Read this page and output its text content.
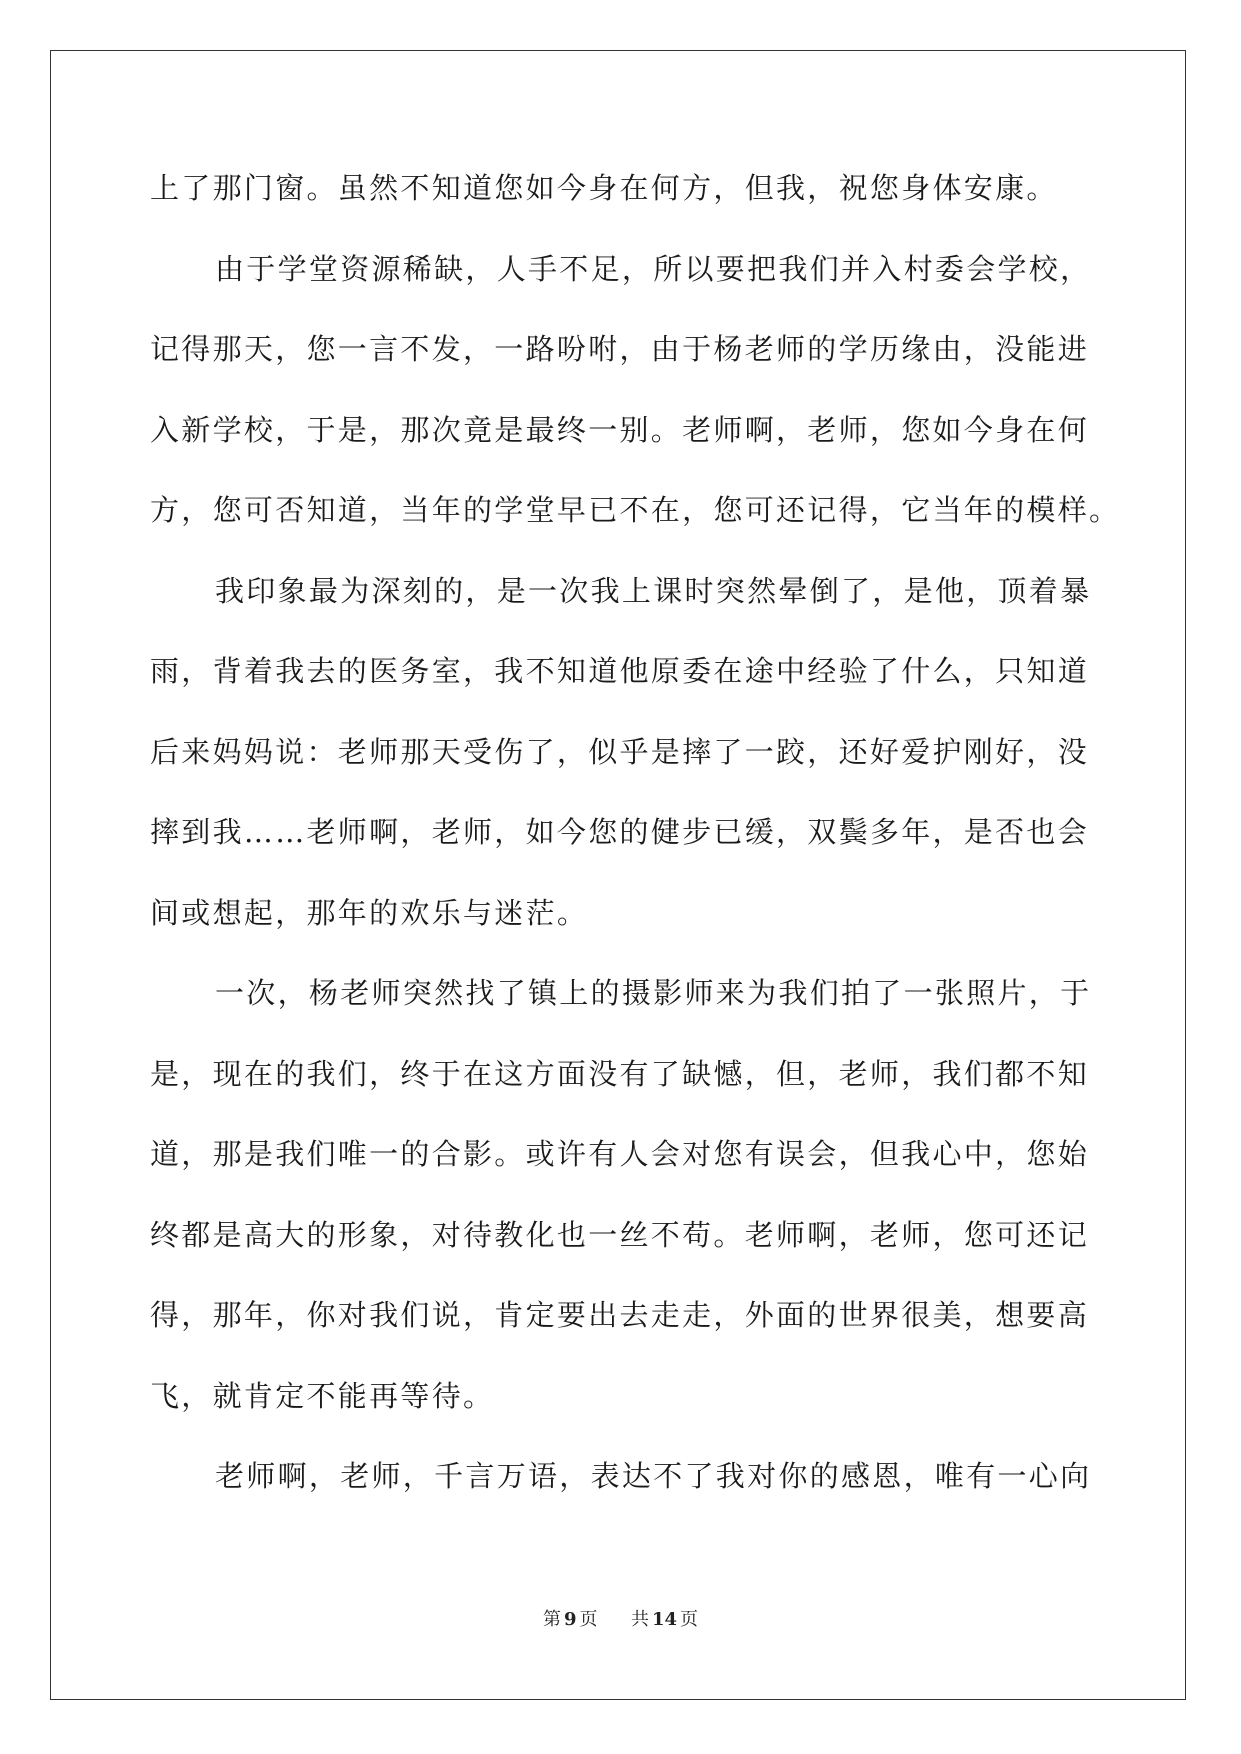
上了那门窗。虽然不知道您如今身在何方，但我，祝您身体安康。
由于学堂资源稀缺，人手不足，所以要把我们并入村委会学校，
记得那天，您一言不发，一路吩咐，由于杨老师的学历缘由，没能进
入新学校，于是，那次竟是最终一别。老师啊，老师，您如今身在何
方，您可否知道，当年的学堂早已不在，您可还记得，它当年的模样。
我印象最为深刻的，是一次我上课时突然晕倒了，是他，顶着暴
雨，背着我去的医务室，我不知道他原委在途中经验了什么，只知道
后来妈妈说：老师那天受伤了，似乎是摔了一跤，还好爱护刚好，没
摔到我……老师啊，老师，如今您的健步已缓，双鬓多年，是否也会
间或想起，那年的欢乐与迷茫。
一次，杨老师突然找了镇上的摄影师来为我们拍了一张照片，于
是，现在的我们，终于在这方面没有了缺憾，但，老师，我们都不知
道，那是我们唯一的合影。或许有人会对您有误会，但我心中，您始
终都是高大的形象，对待教化也一丝不苟。老师啊，老师，您可还记
得，那年，你对我们说，肯定要出去走走，外面的世界很美，想要高
飞，就肯定不能再等待。
老师啊，老师，千言万语，表达不了我对你的感恩，唯有一心向
第 9 页 共 14 页
